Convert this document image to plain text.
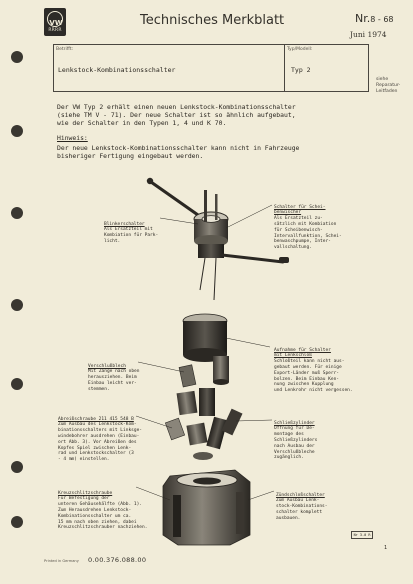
VW
RRRR
Technisches Merkblatt	Nr.8 - 68
Juni 1974
Betrifft:
Lenkstock-Kombinationsschalter
Typ/Modell:
Typ 2
siehe
Reparatur-
Leitfaden
Der VW Typ 2 erhält einen neuen Lenkstock-Kombinationsschalter
(siehe TM V - 71). Der neue Schalter ist so ähnlich aufgebaut,
wie der Schalter in den Typen 1, 4 und K 70.
Hinweis:
Der neue Lenkstock-Kombinationsschalter kann nicht in Fahrzeuge
bisheriger Fertigung eingebaut werden.

Blinkerschalter
Als Ersatzteil mit
Kombiation für Park-
licht.

Schalter für Schei-
benwischer
Als Ersatzteil zu-
sätzlich mit Kombiation
für Scheibenwisch-
Intervallfunktion, Schei-
benwaschpumpe, Inter-
vallschaltung.

Verschlußblech
Mit Zange nach oben
herausziehen. Beim
Einbau leicht ver-
stemmen.

Aufnahme für Schalter
mit Lenkschloß
Schloßteil kann nicht aus-
gebaut werden. Für einige
Export-Länder muß Sperr-
bolzen. Beim Einbau Ken-
nung zwischen Kupplung
und Lenkrohr nicht vergessen.

Abreißschraube 211 415 548 B
Zum Ausbau des Lenkstock-Kom-
binationsschalters mit Linksge-
windebohrer ausdrehen (Einbau-
ort Abb. 3). Vor Abreißen des
Kopfes Spiel zwischen Lenk-
rad und Lenkstockschalter (3
- 4 mm) einstellen.

Schließzylinder
Öffnung für De-
montage des
Schließzylinders
nach Ausbau der
Verschlußbleche
zugänglich.

Kreuzschlitzschraube
Für Befestigung der
unteren Gehäusehälfte (Abb. 1).
Zum Herausdrehen Lenkstock-
Kombinationsschalter um ca.
15 mm nach oben ziehen, dabei
Kreuzschlitzschrauber nachziehen.

Zündschloßschalter
Zum Ausbau Lenk-
stock-Kombinations-
schalter komplett
ausbauen.

Nr 3.0 R
1
Printed in Germany 0.00.376.088.00
